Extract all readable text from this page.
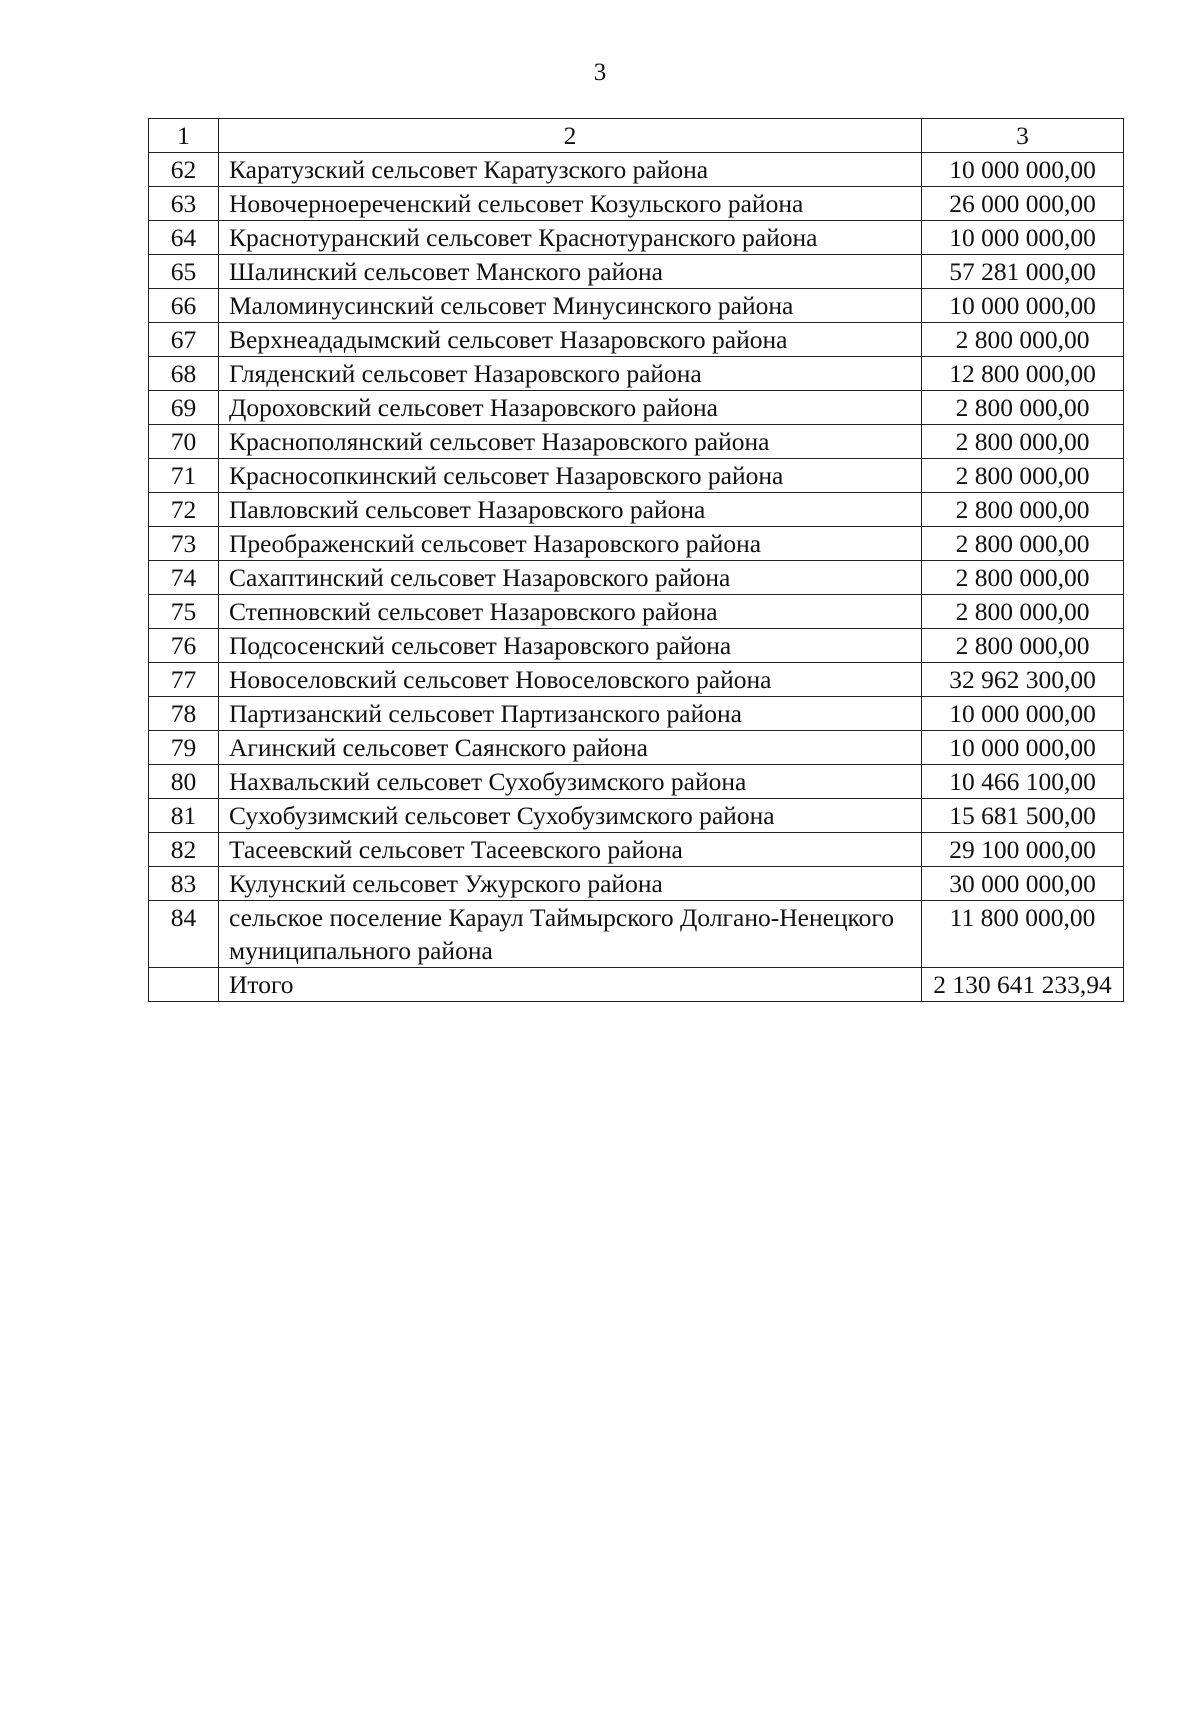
3
1	2	3
62	Каратузский сельсовет Каратузского района	10 000 000,00
63	Новочерноереченский сельсовет Козульского района	26 000 000,00
64	Краснотуранский сельсовет Краснотуранского района	10 000 000,00
65	Шалинский сельсовет Манского района	57 281 000,00
66	Маломинусинский сельсовет Минусинского района	10 000 000,00
67	Верхнеададымский сельсовет Назаровского района	2 800 000,00
68	Гляденский сельсовет Назаровского района	12 800 000,00
69	Дороховский сельсовет Назаровского района	2 800 000,00
70	Краснополянский сельсовет Назаровского района	2 800 000,00
71	Красносопкинский сельсовет Назаровского района	2 800 000,00
72	Павловский сельсовет Назаровского района	2 800 000,00
73	Преображенский сельсовет Назаровского района	2 800 000,00
74	Сахаптинский сельсовет Назаровского района	2 800 000,00
75	Степновский сельсовет Назаровского района	2 800 000,00
76	Подсосенский сельсовет Назаровского района	2 800 000,00
77	Новоселовский сельсовет Новоселовского района	32 962 300,00
78	Партизанский сельсовет Партизанского района	10 000 000,00
79	Агинский сельсовет Саянского района	10 000 000,00
80	Нахвальский сельсовет Сухобузимского района	10 466 100,00
81	Сухобузимский сельсовет Сухобузимского района	15 681 500,00
82	Тасеевский сельсовет Тасеевского района	29 100 000,00
83	Кулунский сельсовет Ужурского района	30 000 000,00
84	сельское поселение Караул Таймырского Долгано-Ненецкого муниципального района	11 800 000,00
	Итого	2 130 641 233,94
